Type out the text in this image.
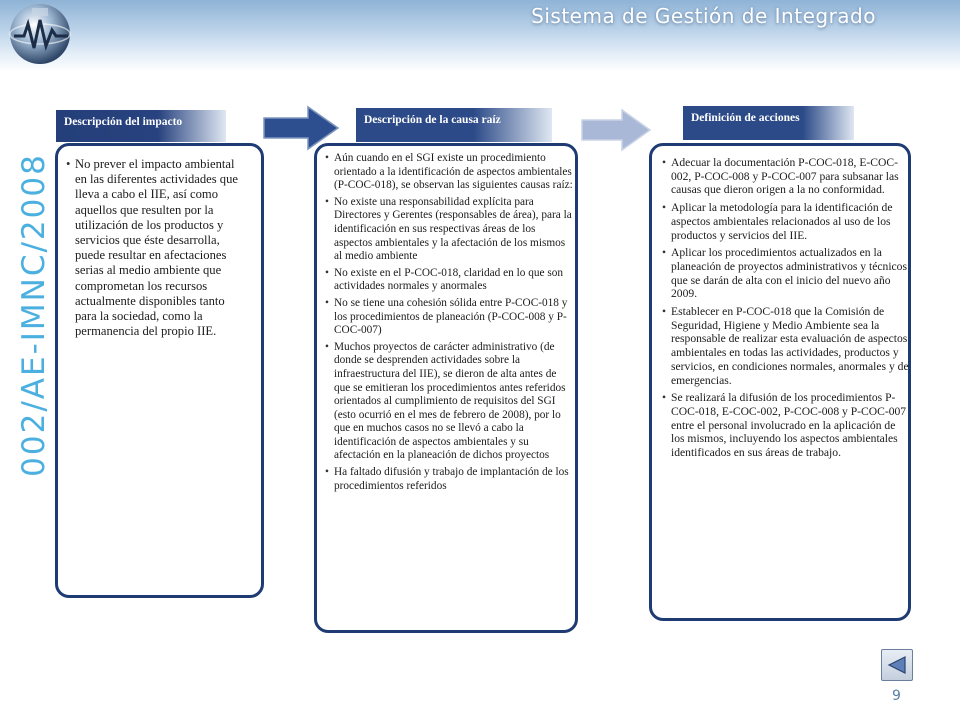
Sistema de Gestión de Integrado
002/AE-IMNC/2008
•	No prever el impacto ambiental en las diferentes actividades que lleva a cabo el IIE, así como aquellos que resulten por la utilización de los productos y servicios que éste desarrolla, puede resultar en afectaciones serias al medio ambiente que comprometan los recursos actualmente disponibles tanto para la sociedad, como la permanencia del propio IIE.
Descripción del impacto
• Aún cuando en el SGI existe un procedimiento orientado a la identificación de aspectos ambientales (P-COC-018), se observan las siguientes causas raíz:
• No existe una responsabilidad explícita para Directores y Gerentes (responsables de área), para la identificación en sus respectivas áreas de los aspectos ambientales y la afectación de los mismos al medio ambiente
• No existe en el P-COC-018, claridad en lo que son actividades normales y anormales
• No se tiene una cohesión sólida entre P-COC-018 y los procedimientos de planeación (P-COC-008 y P-COC-007)
• Muchos proyectos de carácter administrativo (de donde se desprenden actividades sobre la infraestructura del IIE), se dieron de alta antes de que se emitieran los procedimientos antes referidos orientados al cumplimiento de requisitos del SGI (esto ocurrió en el mes de febrero de 2008), por lo que en muchos casos no se llevó a cabo la identificación de aspectos ambientales y su afectación en la planeación de dichos proyectos
• Ha faltado difusión y trabajo de implantación de los procedimientos referidos
Descripción de la causa raíz
• Adecuar la documentación P-COC-018, E-COC-002, P-COC-008 y P-COC-007 para subsanar las causas que dieron origen a la no conformidad.
• Aplicar la metodología para la identificación de aspectos ambientales relacionados al uso de los productos y servicios del IIE.
• Aplicar los procedimientos actualizados en la planeación de proyectos administrativos y técnicos que se darán de alta con el inicio del nuevo año 2009.
• Establecer en P-COC-018 que la Comisión de Seguridad, Higiene y Medio Ambiente sea la responsable de realizar esta evaluación de aspectos ambientales en todas las actividades, productos y servicios, en condiciones normales, anormales y de emergencias.
• Se realizará la difusión de los procedimientos P-COC-018, E-COC-002, P-COC-008 y P-COC-007 entre el personal involucrado en la aplicación de los mismos, incluyendo los aspectos ambientales identificados en sus áreas de trabajo.
Definición de acciones
9
